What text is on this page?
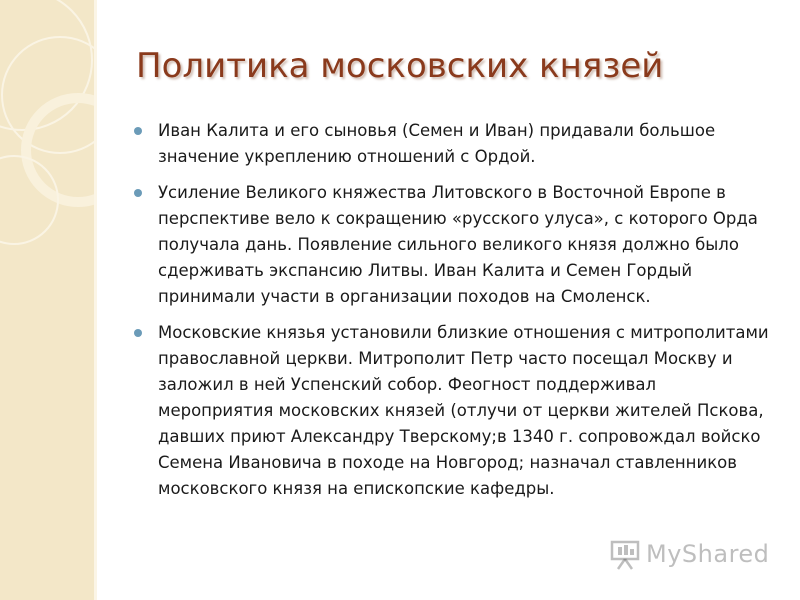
Политика московских князей
Иван Калита и его сыновья (Семен и Иван) придавали большое значение укреплению отношений с Ордой.
Усиление Великого княжества Литовского в Восточной Европе в перспективе вело к сокращению «русского улуса», с которого Орда получала дань. Появление сильного великого князя должно было сдерживать экспансию Литвы. Иван Калита и Семен Гордый принимали участи в организации походов на Смоленск.
Московские князья установили близкие отношения с митрополитами православной церкви. Митрополит Петр часто посещал Москву и заложил в ней Успенский собор. Феогност поддерживал мероприятия московских князей (отлучи от церкви жителей Пскова, давших приют Александру Тверскому;в 1340 г. сопровождал войско Семена Ивановича в походе на Новгород; назначал ставленников московского князя на епископские кафедры.
MyShared
